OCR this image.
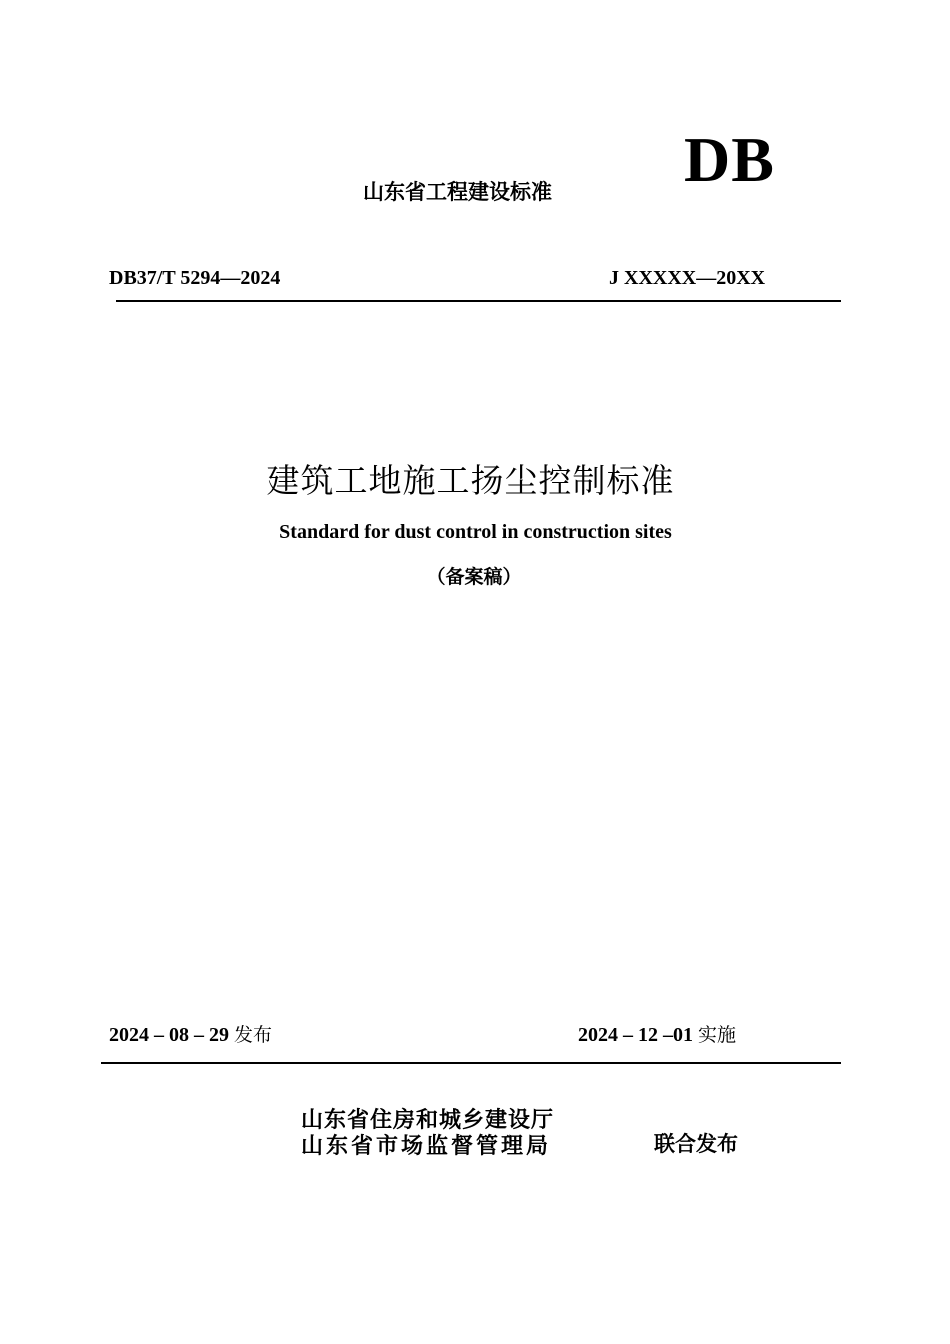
DB
山东省工程建设标准
DB37/T 5294—2024	J XXXXX—20XX
建筑工地施工扬尘控制标准
Standard for dust control in construction sites
（备案稿）
2024 – 08 – 29 发布	2024 – 12 –01 实施
山东省住房和城乡建设厅
山东省市场监督管理局	联合发布
